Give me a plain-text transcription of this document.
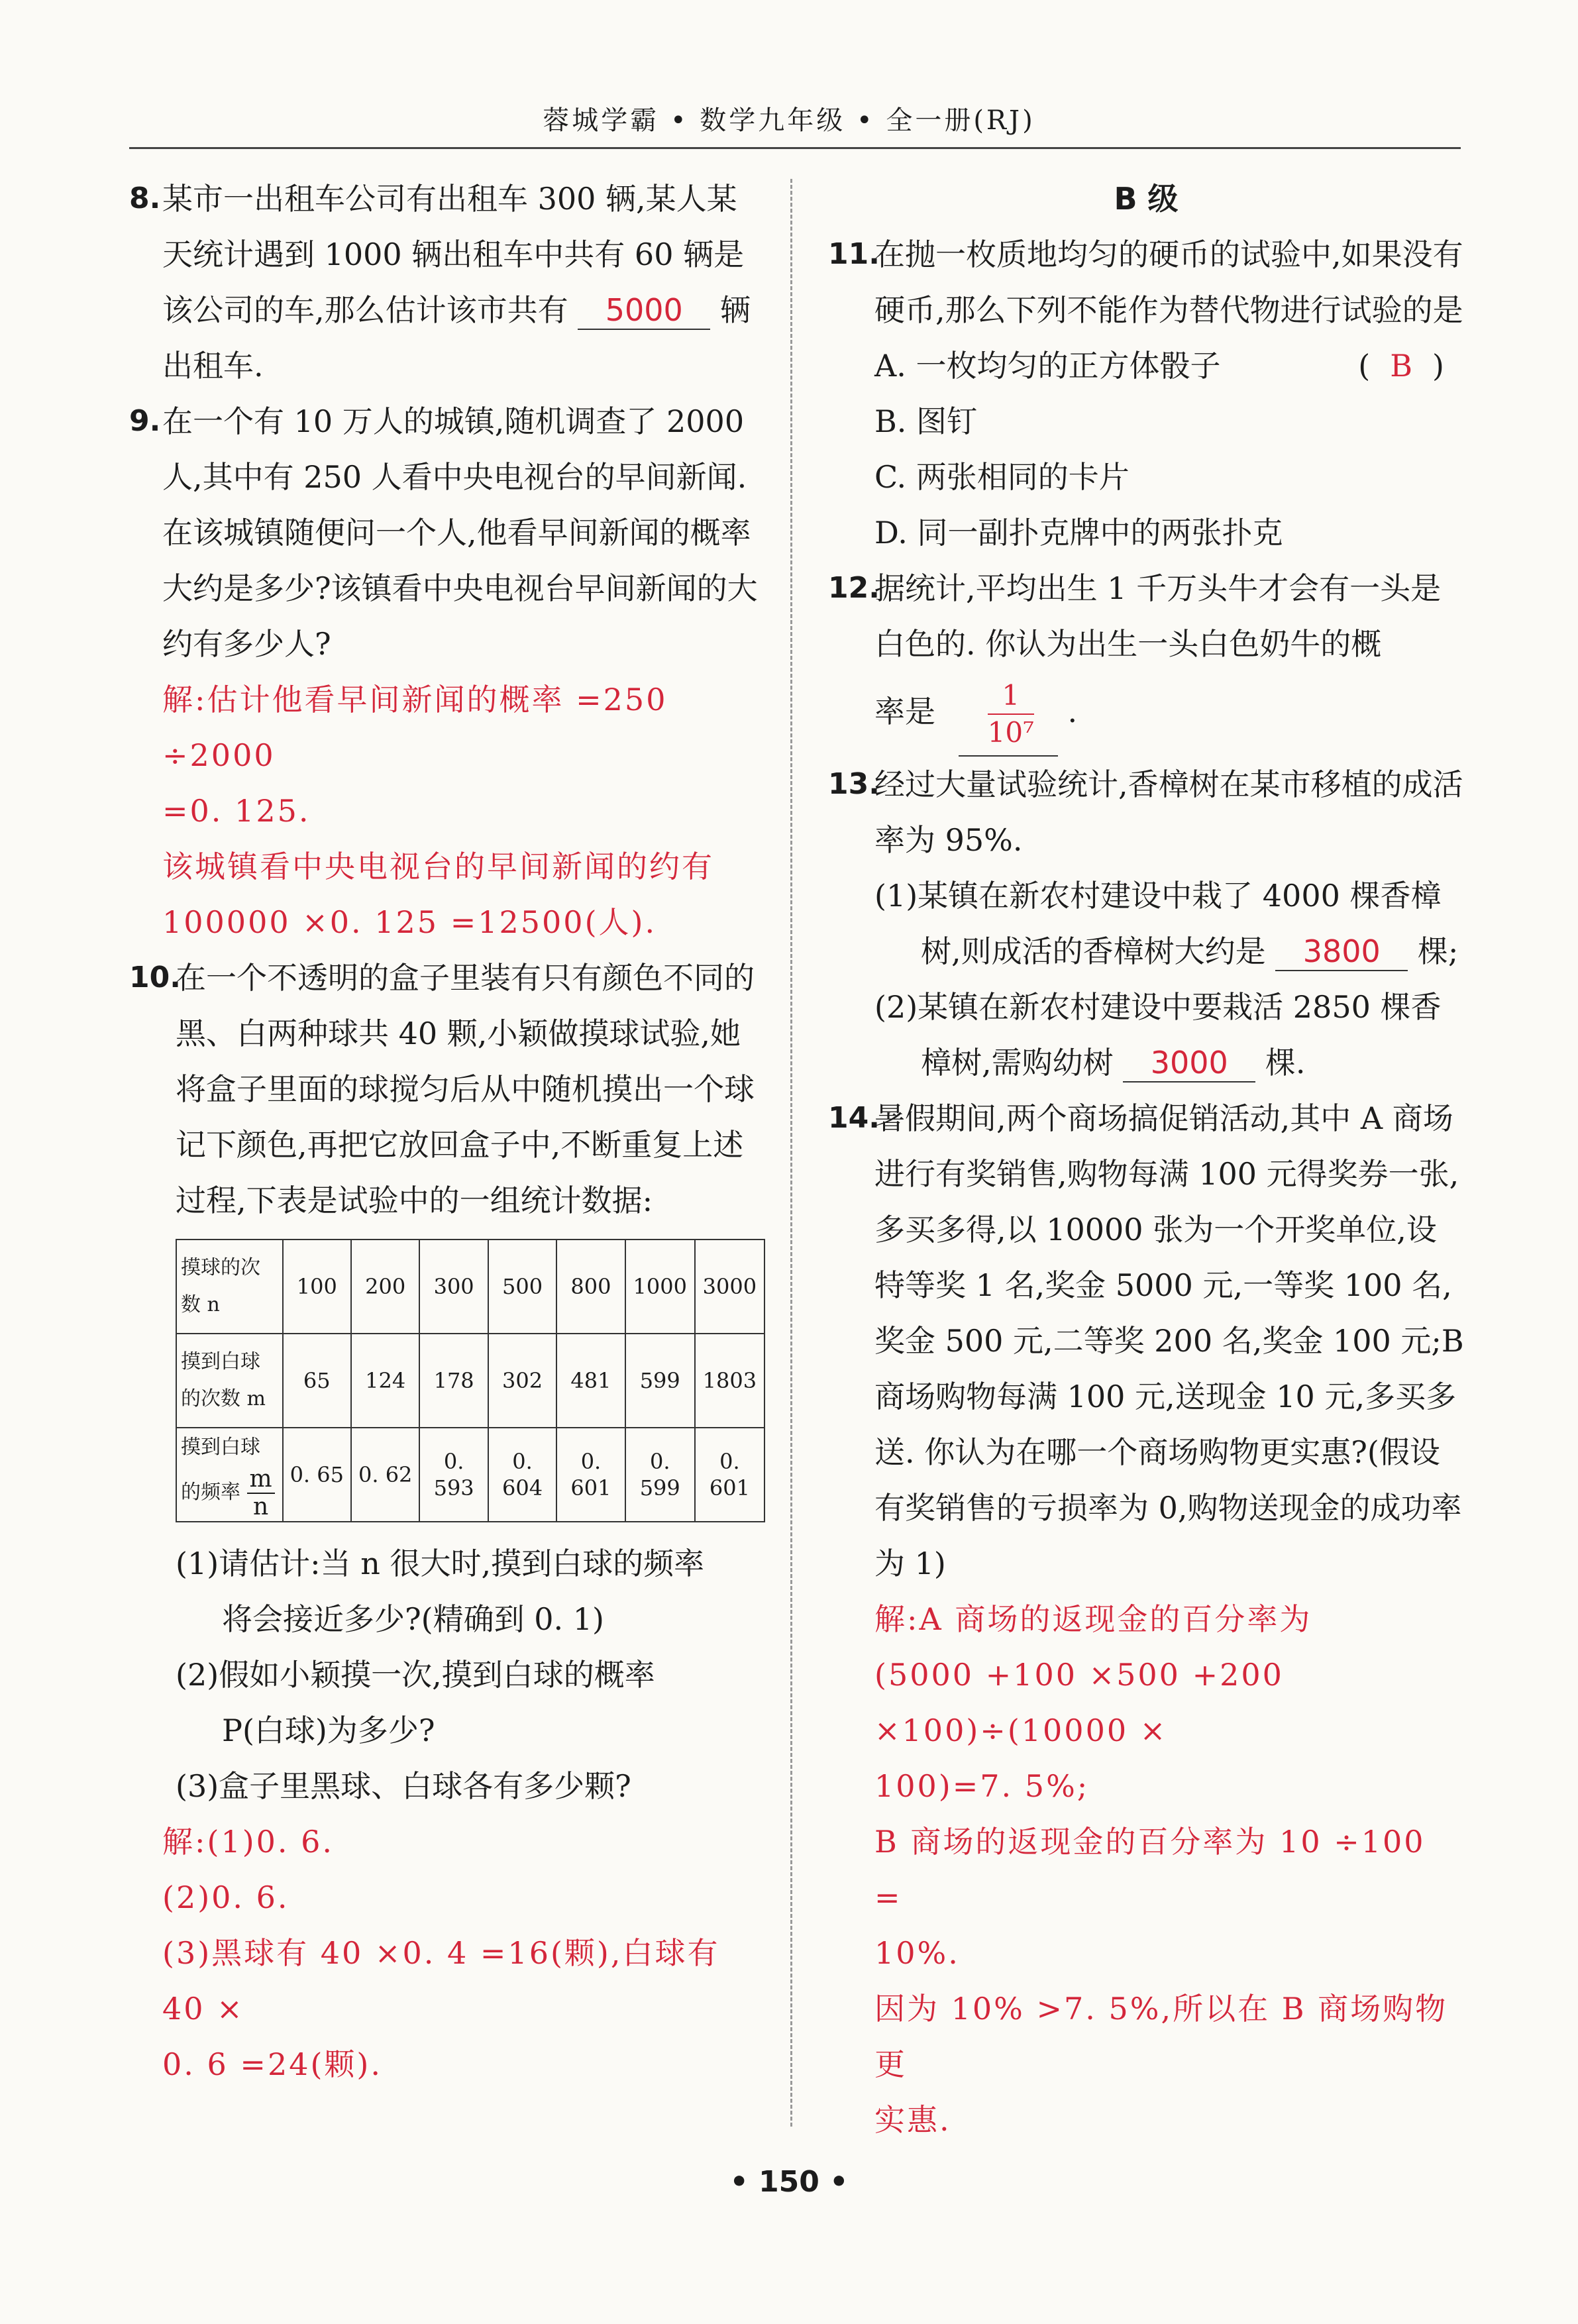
蓉城学霸 • 数学九年级 • 全一册(RJ)
8. 某市一出租车公司有出租车 300 辆,某人某天统计遇到 1000 辆出租车中共有 60 辆是该公司的车,那么估计该市共有 5000 辆出租车.
9. 在一个有 10 万人的城镇,随机调查了 2000 人,其中有 250 人看中央电视台的早间新闻. 在该城镇随便问一个人,他看早间新闻的概率大约是多少?该镇看中央电视台早间新闻的大约有多少人?
解:估计他看早间新闻的概率 =250 ÷2000
=0. 125.
该城镇看中央电视台的早间新闻的约有
100000 ×0. 125 =12500(人).
10.
在一个不透明的盒子里装有只有颜色不同的黑、白两种球共 40 颗,小颖做摸球试验,她将盒子里面的球搅匀后从中随机摸出一个球记下颜色,再把它放回盒子中,不断重复上述过程,下表是试验中的一组统计数据:
摸球的次数 n	100	200	300	500	800	1000	3000
摸到白球的次数 m	65	124	178	302	481	599	1803
摸到白球的频率 $\frac{m}{n}$	0. 65	0. 62	0. 593	0. 604	0. 601	0. 599	0. 601
(1)请估计:当 n 很大时,摸到白球的频率
将会接近多少?(精确到 0. 1)
(2)假如小颖摸一次,摸到白球的概率
P(白球)为多少?
(3)盒子里黑球、白球各有多少颗?
解:(1)0. 6.
(2)0. 6.
(3)黑球有 40 ×0. 4 =16(颗),白球有 40 ×
0. 6 =24(颗).
B 级
11.
在抛一枚质地均匀的硬币的试验中,如果没有硬币,那么下列不能作为替代物进行试验的是
(B)
A. 一枚均匀的正方体骰子
B. 图钉
C. 两张相同的卡片
D. 同一副扑克牌中的两张扑克
12.
据统计,平均出生 1 千万头牛才会有一头是白色的. 你认为出生一头白色奶牛的概
率是 $\frac{1}{\text{10⁷}}$ .
13.
经过大量试验统计,香樟树在某市移植的成活率为 95%.
(1)某镇在新农村建设中栽了 4000 棵香樟
树,则成活的香樟树大约是 3800 棵;
(2)某镇在新农村建设中要栽活 2850 棵香
樟树,需购幼树 3000 棵.
14.
暑假期间,两个商场搞促销活动,其中 A 商场进行有奖销售,购物每满 100 元得奖券一张,多买多得,以 10000 张为一个开奖单位,设特等奖 1 名,奖金 5000 元,一等奖 100 名,奖金 500 元,二等奖 200 名,奖金 100 元;B 商场购物每满 100 元,送现金 10 元,多买多送. 你认为在哪一个商场购物更实惠?(假设有奖销售的亏损率为 0,购物送现金的成功率为 1)
解:A 商场的返现金的百分率为
(5000 +100 ×500 +200 ×100)÷(10000 ×
100)=7. 5%;
B 商场的返现金的百分率为 10 ÷100 =
10%.
因为 10% >7. 5%,所以在 B 商场购物更
实惠.
• 150 •
